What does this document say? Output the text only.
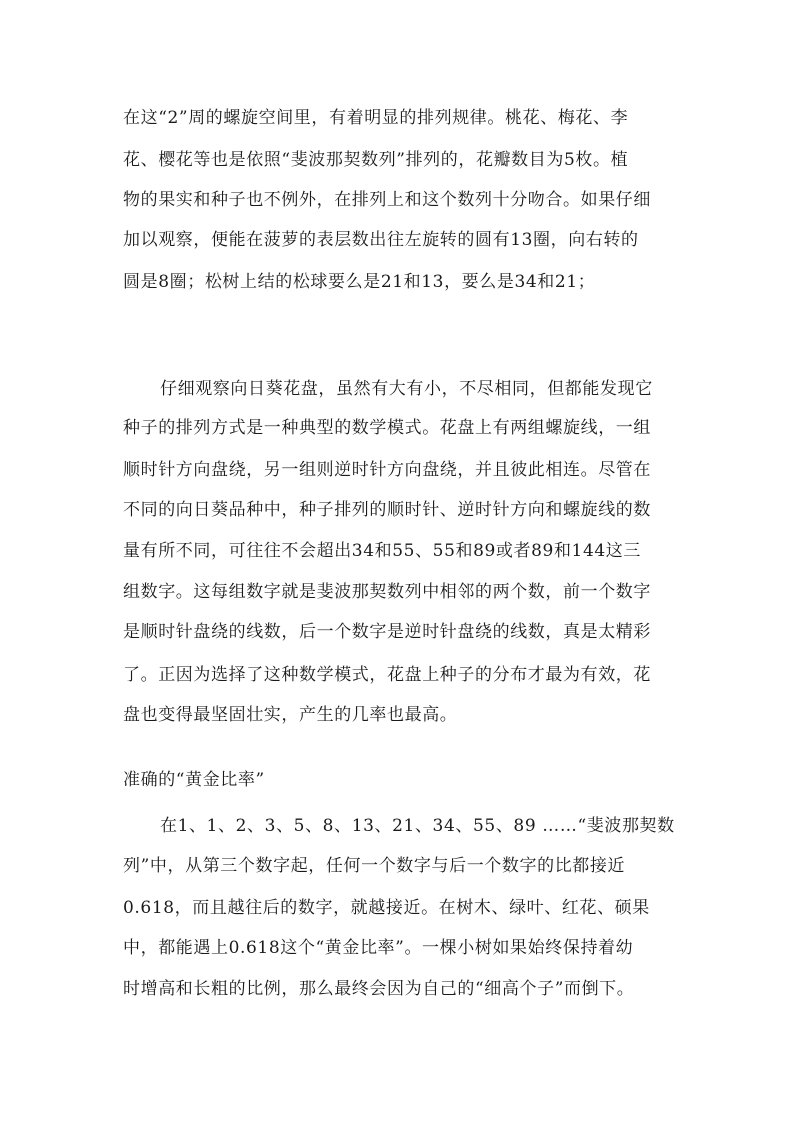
在这“2”周的螺旋空间里，有着明显的排列规律。桃花、梅花、李
花、樱花等也是依照“斐波那契数列”排列的，花瓣数目为5枚。植
物的果实和种子也不例外，在排列上和这个数列十分吻合。如果仔细
加以观察，便能在菠萝的表层数出往左旋转的圆有13圈，向右转的
圆是8圈；松树上结的松球要么是21和13，要么是34和21；
仔细观察向日葵花盘，虽然有大有小，不尽相同，但都能发现它
种子的排列方式是一种典型的数学模式。花盘上有两组螺旋线，一组
顺时针方向盘绕，另一组则逆时针方向盘绕，并且彼此相连。尽管在
不同的向日葵品种中，种子排列的顺时针、逆时针方向和螺旋线的数
量有所不同，可往往不会超出34和55、55和89或者89和144这三
组数字。这每组数字就是斐波那契数列中相邻的两个数，前一个数字
是顺时针盘绕的线数，后一个数字是逆时针盘绕的线数，真是太精彩
了。正因为选择了这种数学模式，花盘上种子的分布才最为有效，花
盘也变得最坚固壮实，产生的几率也最高。
准确的“黄金比率”
在1、1、2、3、5、8、13、21、34、55、89 ……“斐波那契数
列”中，从第三个数字起，任何一个数字与后一个数字的比都接近
0.618，而且越往后的数字，就越接近。在树木、绿叶、红花、硕果
中，都能遇上0.618这个“黄金比率”。一棵小树如果始终保持着幼
时增高和长粗的比例，那么最终会因为自己的“细高个子”而倒下。
